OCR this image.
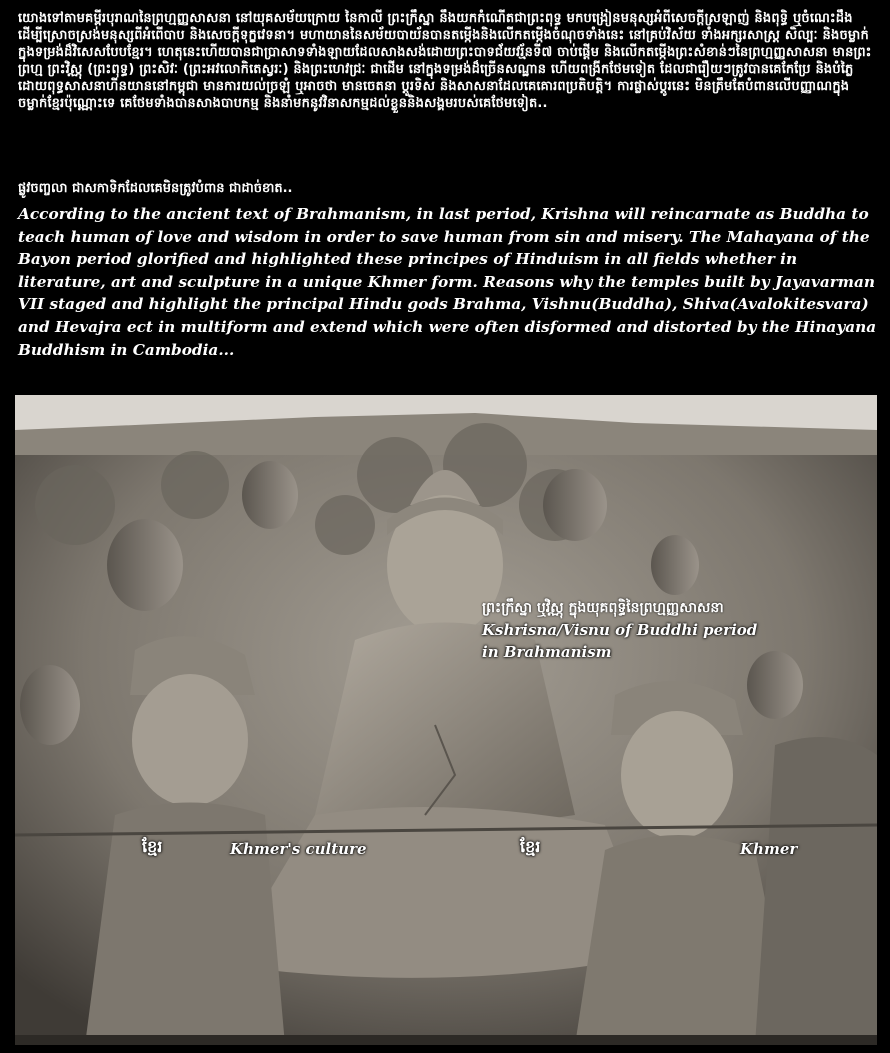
យោងទៅតាមគម្ពីរបុរាណនៃព្រហ្មញ្ញសាសនា នៅយុគសម័យក្រោយ នៃកាលី ព្រះក្រឹស្នា នឹងយកកំណើតជាព្រះពុទ្ធ មកបង្រៀនមនុស្សអំពីសេចក្តីស្រឡាញ់ និងពុទ្ធិ ឬចំណេះដឹង ដើម្បីស្រោចស្រង់មនុស្សពីអំពើបាប និងសេចក្តីទុក្ខវេទនា។ មហាយាននៃសម័យបាយ័នបានតម្កើងនិងលើកតម្កើងចំណុចទាំងនេះ នៅគ្រប់វិស័យ ទាំងអក្សរសាស្ត្រ សិល្បៈ និងចម្លាក់ ក្នុងទម្រង់ដ៏វិសេសបែបខ្មែរ។ ហេតុនេះហើយបានជាប្រាសាទទាំងឡាយដែលសាងសង់ដោយព្រះបាទជ័យវរ្ម័នទី៧ ចាប់ផ្តើម និងលើកតម្កើងព្រះសំខាន់ៗនៃព្រហ្មញ្ញសាសនា មានព្រះព្រហ្ម ព្រះវិស្ណុ (ព្រះពុទ្ធ) ព្រះសិវៈ (ព្រះអវលោកិតេស្វរៈ) និងព្រះហេវជ្រៈ ជាដើម នៅក្នុងទម្រង់ដ៏ច្រើនសណ្ឋាន ហើយពង្រីកថែមទៀត ដែលជារឿយៗត្រូវបានគេកែប្រែ និងបំភ្លៃដោយពុទ្ធសាសនាហីនយាននៅកម្ពុជា មានការយល់ច្រឡំ ឬអាចថា មានចេតនា ប្តូរទិស និងសាសនាដែលគេគោរពប្រតិបត្តិ។ ការផ្លាស់ប្តូរនេះ មិនត្រឹមតែបំពានលើបញ្ញាណក្នុងចម្លាក់ខ្មែរប៉ុណ្ណោះទេ គេថែមទាំងបានសាងបាបកម្ម និងនាំមកនូវវិនាសកម្មដល់ខ្លួននិងសង្គមរបស់គេថែមទៀត..

ផ្លូវចញ្ចលា ជាសកាទិកដែលគេមិនត្រូវបំពាន ជាដាច់ខាត..

According to the ancient text of Brahmanism, in last period, Krishna will reincarnate as Buddha to teach human of love and wisdom in order to save human from sin and misery. The Mahayana of the Bayon period glorified and highlighted these principes of Hinduism in all fields whether in literature, art and sculpture in a unique Khmer form. Reasons why the temples built by Jayavarman VII staged and highlight the principal Hindu gods Brahma, Vishnu(Buddha), Shiva(Avalokitesvara) and Hevajra ect in multiform and extend which were often disformed and distorted by the Hinayana Buddhism in Cambodia...

ព្រះក្រឹស្នា ឬវិស្ណុ ក្នុងយុគពុទ្ធិនៃព្រហ្មញ្ញសាសនា
Kshrisna/Visnu of Buddhi period
in Brahmanism
ខ្មែរ	Khmer's culture	ខ្មែរ	Khmer
